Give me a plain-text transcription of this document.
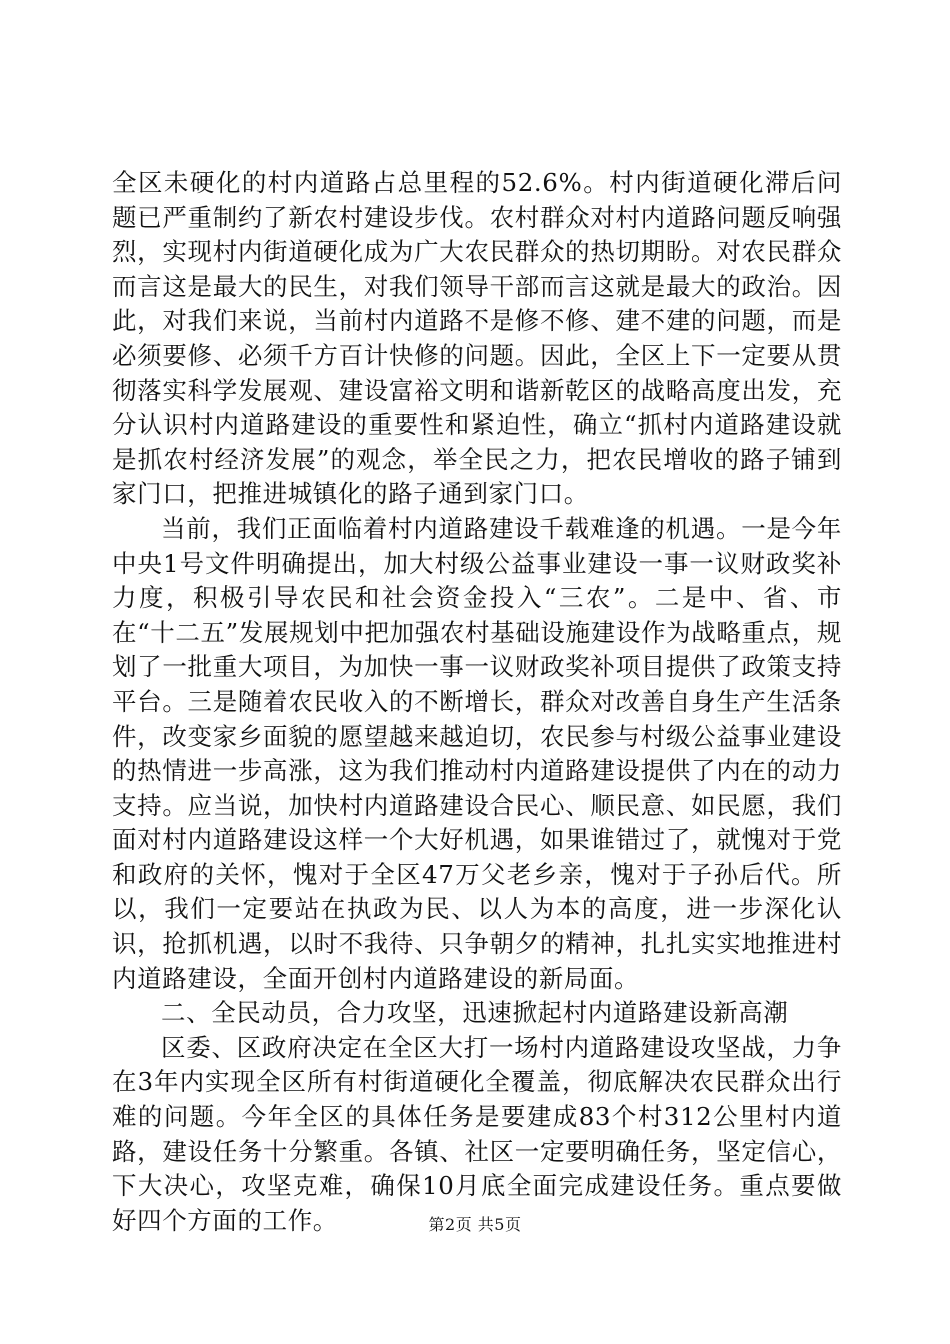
全区未硬化的村内道路占总里程的52.6%。村内街道硬化滞后问题已严重制约了新农村建设步伐。农村群众对村内道路问题反响强烈，实现村内街道硬化成为广大农民群众的热切期盼。对农民群众而言这是最大的民生，对我们领导干部而言这就是最大的政治。因此，对我们来说，当前村内道路不是修不修、建不建的问题，而是必须要修、必须千方百计快修的问题。因此，全区上下一定要从贯彻落实科学发展观、建设富裕文明和谐新乾区的战略高度出发，充分认识村内道路建设的重要性和紧迫性，确立“抓村内道路建设就是抓农村经济发展”的观念，举全民之力，把农民增收的路子铺到家门口，把推进城镇化的路子通到家门口。

当前，我们正面临着村内道路建设千载难逢的机遇。一是今年中央1号文件明确提出，加大村级公益事业建设一事一议财政奖补力度，积极引导农民和社会资金投入“三农”。二是中、省、市在“十二五”发展规划中把加强农村基础设施建设作为战略重点，规划了一批重大项目，为加快一事一议财政奖补项目提供了政策支持平台。三是随着农民收入的不断增长，群众对改善自身生产生活条件，改变家乡面貌的愿望越来越迫切，农民参与村级公益事业建设的热情进一步高涨，这为我们推动村内道路建设提供了内在的动力支持。应当说，加快村内道路建设合民心、顺民意、如民愿，我们面对村内道路建设这样一个大好机遇，如果谁错过了，就愧对于党和政府的关怀，愧对于全区47万父老乡亲，愧对于子孙后代。所以，我们一定要站在执政为民、以人为本的高度，进一步深化认识，抢抓机遇，以时不我待、只争朝夕的精神，扎扎实实地推进村内道路建设，全面开创村内道路建设的新局面。

二、全民动员，合力攻坚，迅速掀起村内道路建设新高潮

区委、区政府决定在全区大打一场村内道路建设攻坚战，力争在3年内实现全区所有村街道硬化全覆盖，彻底解决农民群众出行难的问题。今年全区的具体任务是要建成83个村312公里村内道路，建设任务十分繁重。各镇、社区一定要明确任务，坚定信心，下大决心，攻坚克难，确保10月底全面完成建设任务。重点要做好四个方面的工作。	第2页 共5页
